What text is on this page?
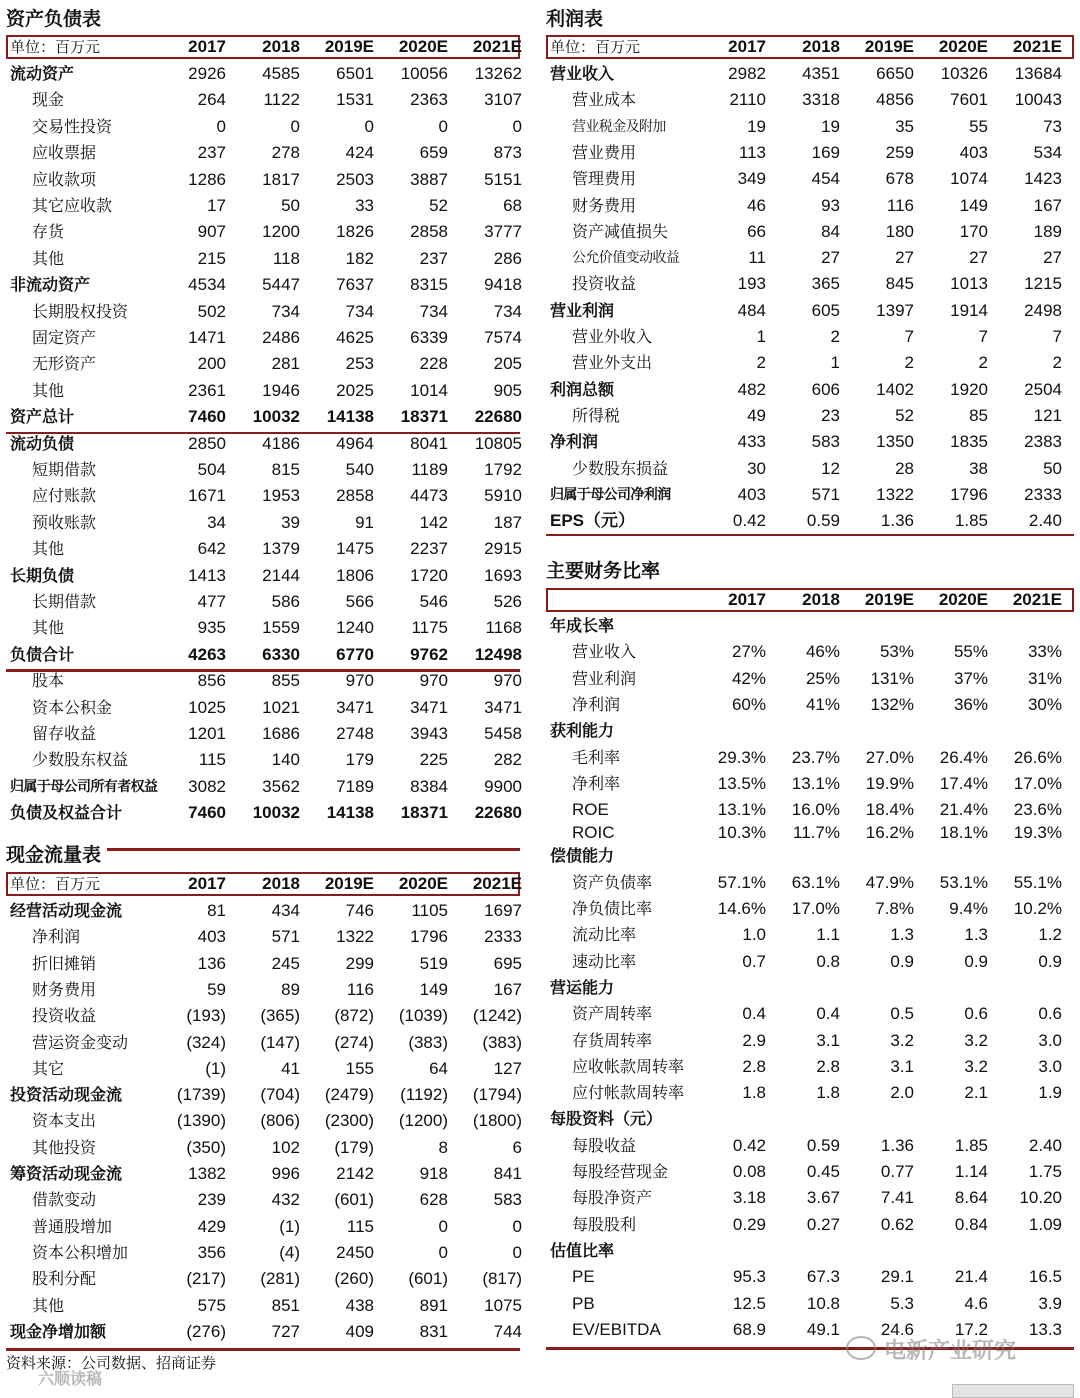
资产负债表
单位：百万元	2017	2018	2019E	2020E	2021E
流动资产	2926	4585	6501	10056	13262
现金	264	1122	1531	2363	3107
交易性投资	0	0	0	0	0
应收票据	237	278	424	659	873
应收款项	1286	1817	2503	3887	5151
其它应收款	17	50	33	52	68
存货	907	1200	1826	2858	3777
其他	215	118	182	237	286
非流动资产	4534	5447	7637	8315	9418
长期股权投资	502	734	734	734	734
固定资产	1471	2486	4625	6339	7574
无形资产	200	281	253	228	205
其他	2361	1946	2025	1014	905
资产总计	7460	10032	14138	18371	22680
流动负债	2850	4186	4964	8041	10805
短期借款	504	815	540	1189	1792
应付账款	1671	1953	2858	4473	5910
预收账款	34	39	91	142	187
其他	642	1379	1475	2237	2915
长期负债	1413	2144	1806	1720	1693
长期借款	477	586	566	546	526
其他	935	1559	1240	1175	1168
负债合计	4263	6330	6770	9762	12498
股本	856	855	970	970	970
资本公积金	1025	1021	3471	3471	3471
留存收益	1201	1686	2748	3943	5458
少数股东权益	115	140	179	225	282
归属于母公司所有者权益	3082	3562	7189	8384	9900
负债及权益合计	7460	10032	14138	18371	22680
现金流量表
单位：百万元	2017	2018	2019E	2020E	2021E
经营活动现金流	81	434	746	1105	1697
净利润	403	571	1322	1796	2333
折旧摊销	136	245	299	519	695
财务费用	59	89	116	149	167
投资收益	(193)	(365)	(872)	(1039)	(1242)
营运资金变动	(324)	(147)	(274)	(383)	(383)
其它	(1)	41	155	64	127
投资活动现金流	(1739)	(704)	(2479)	(1192)	(1794)
资本支出	(1390)	(806)	(2300)	(1200)	(1800)
其他投资	(350)	102	(179)	8	6
筹资活动现金流	1382	996	2142	918	841
借款变动	239	432	(601)	628	583
普通股增加	429	(1)	115	0	0
资本公积增加	356	(4)	2450	0	0
股利分配	(217)	(281)	(260)	(601)	(817)
其他	575	851	438	891	1075
现金净增加额	(276)	727	409	831	744
资料来源：公司数据、招商证券
利润表
单位：百万元	2017	2018	2019E	2020E	2021E
营业收入	2982	4351	6650	10326	13684
营业成本	2110	3318	4856	7601	10043
营业税金及附加	19	19	35	55	73
营业费用	113	169	259	403	534
管理费用	349	454	678	1074	1423
财务费用	46	93	116	149	167
资产减值损失	66	84	180	170	189
公允价值变动收益	11	27	27	27	27
投资收益	193	365	845	1013	1215
营业利润	484	605	1397	1914	2498
营业外收入	1	2	7	7	7
营业外支出	2	1	2	2	2
利润总额	482	606	1402	1920	2504
所得税	49	23	52	85	121
净利润	433	583	1350	1835	2383
少数股东损益	30	12	28	38	50
归属于母公司净利润	403	571	1322	1796	2333
EPS（元）	0.42	0.59	1.36	1.85	2.40
主要财务比率
2017	2018	2019E	2020E	2021E
年成长率
营业收入	27%	46%	53%	55%	33%
营业利润	42%	25%	131%	37%	31%
净利润	60%	41%	132%	36%	30%
获利能力
毛利率	29.3%	23.7%	27.0%	26.4%	26.6%
净利率	13.5%	13.1%	19.9%	17.4%	17.0%
ROE	13.1%	16.0%	18.4%	21.4%	23.6%
ROIC	10.3%	11.7%	16.2%	18.1%	19.3%
偿债能力
资产负债率	57.1%	63.1%	47.9%	53.1%	55.1%
净负债比率	14.6%	17.0%	7.8%	9.4%	10.2%
流动比率	1.0	1.1	1.3	1.3	1.2
速动比率	0.7	0.8	0.9	0.9	0.9
营运能力
资产周转率	0.4	0.4	0.5	0.6	0.6
存货周转率	2.9	3.1	3.2	3.2	3.0
应收帐款周转率	2.8	2.8	3.1	3.2	3.0
应付帐款周转率	1.8	1.8	2.0	2.1	1.9
每股资料（元）
每股收益	0.42	0.59	1.36	1.85	2.40
每股经营现金	0.08	0.45	0.77	1.14	1.75
每股净资产	3.18	3.67	7.41	8.64	10.20
每股股利	0.29	0.27	0.62	0.84	1.09
估值比率
PE	95.3	67.3	29.1	21.4	16.5
PB	12.5	10.8	5.3	4.6	3.9
EV/EBITDA	68.9	49.1	24.6	17.2	13.3
电新产业研究
六顺读稿
